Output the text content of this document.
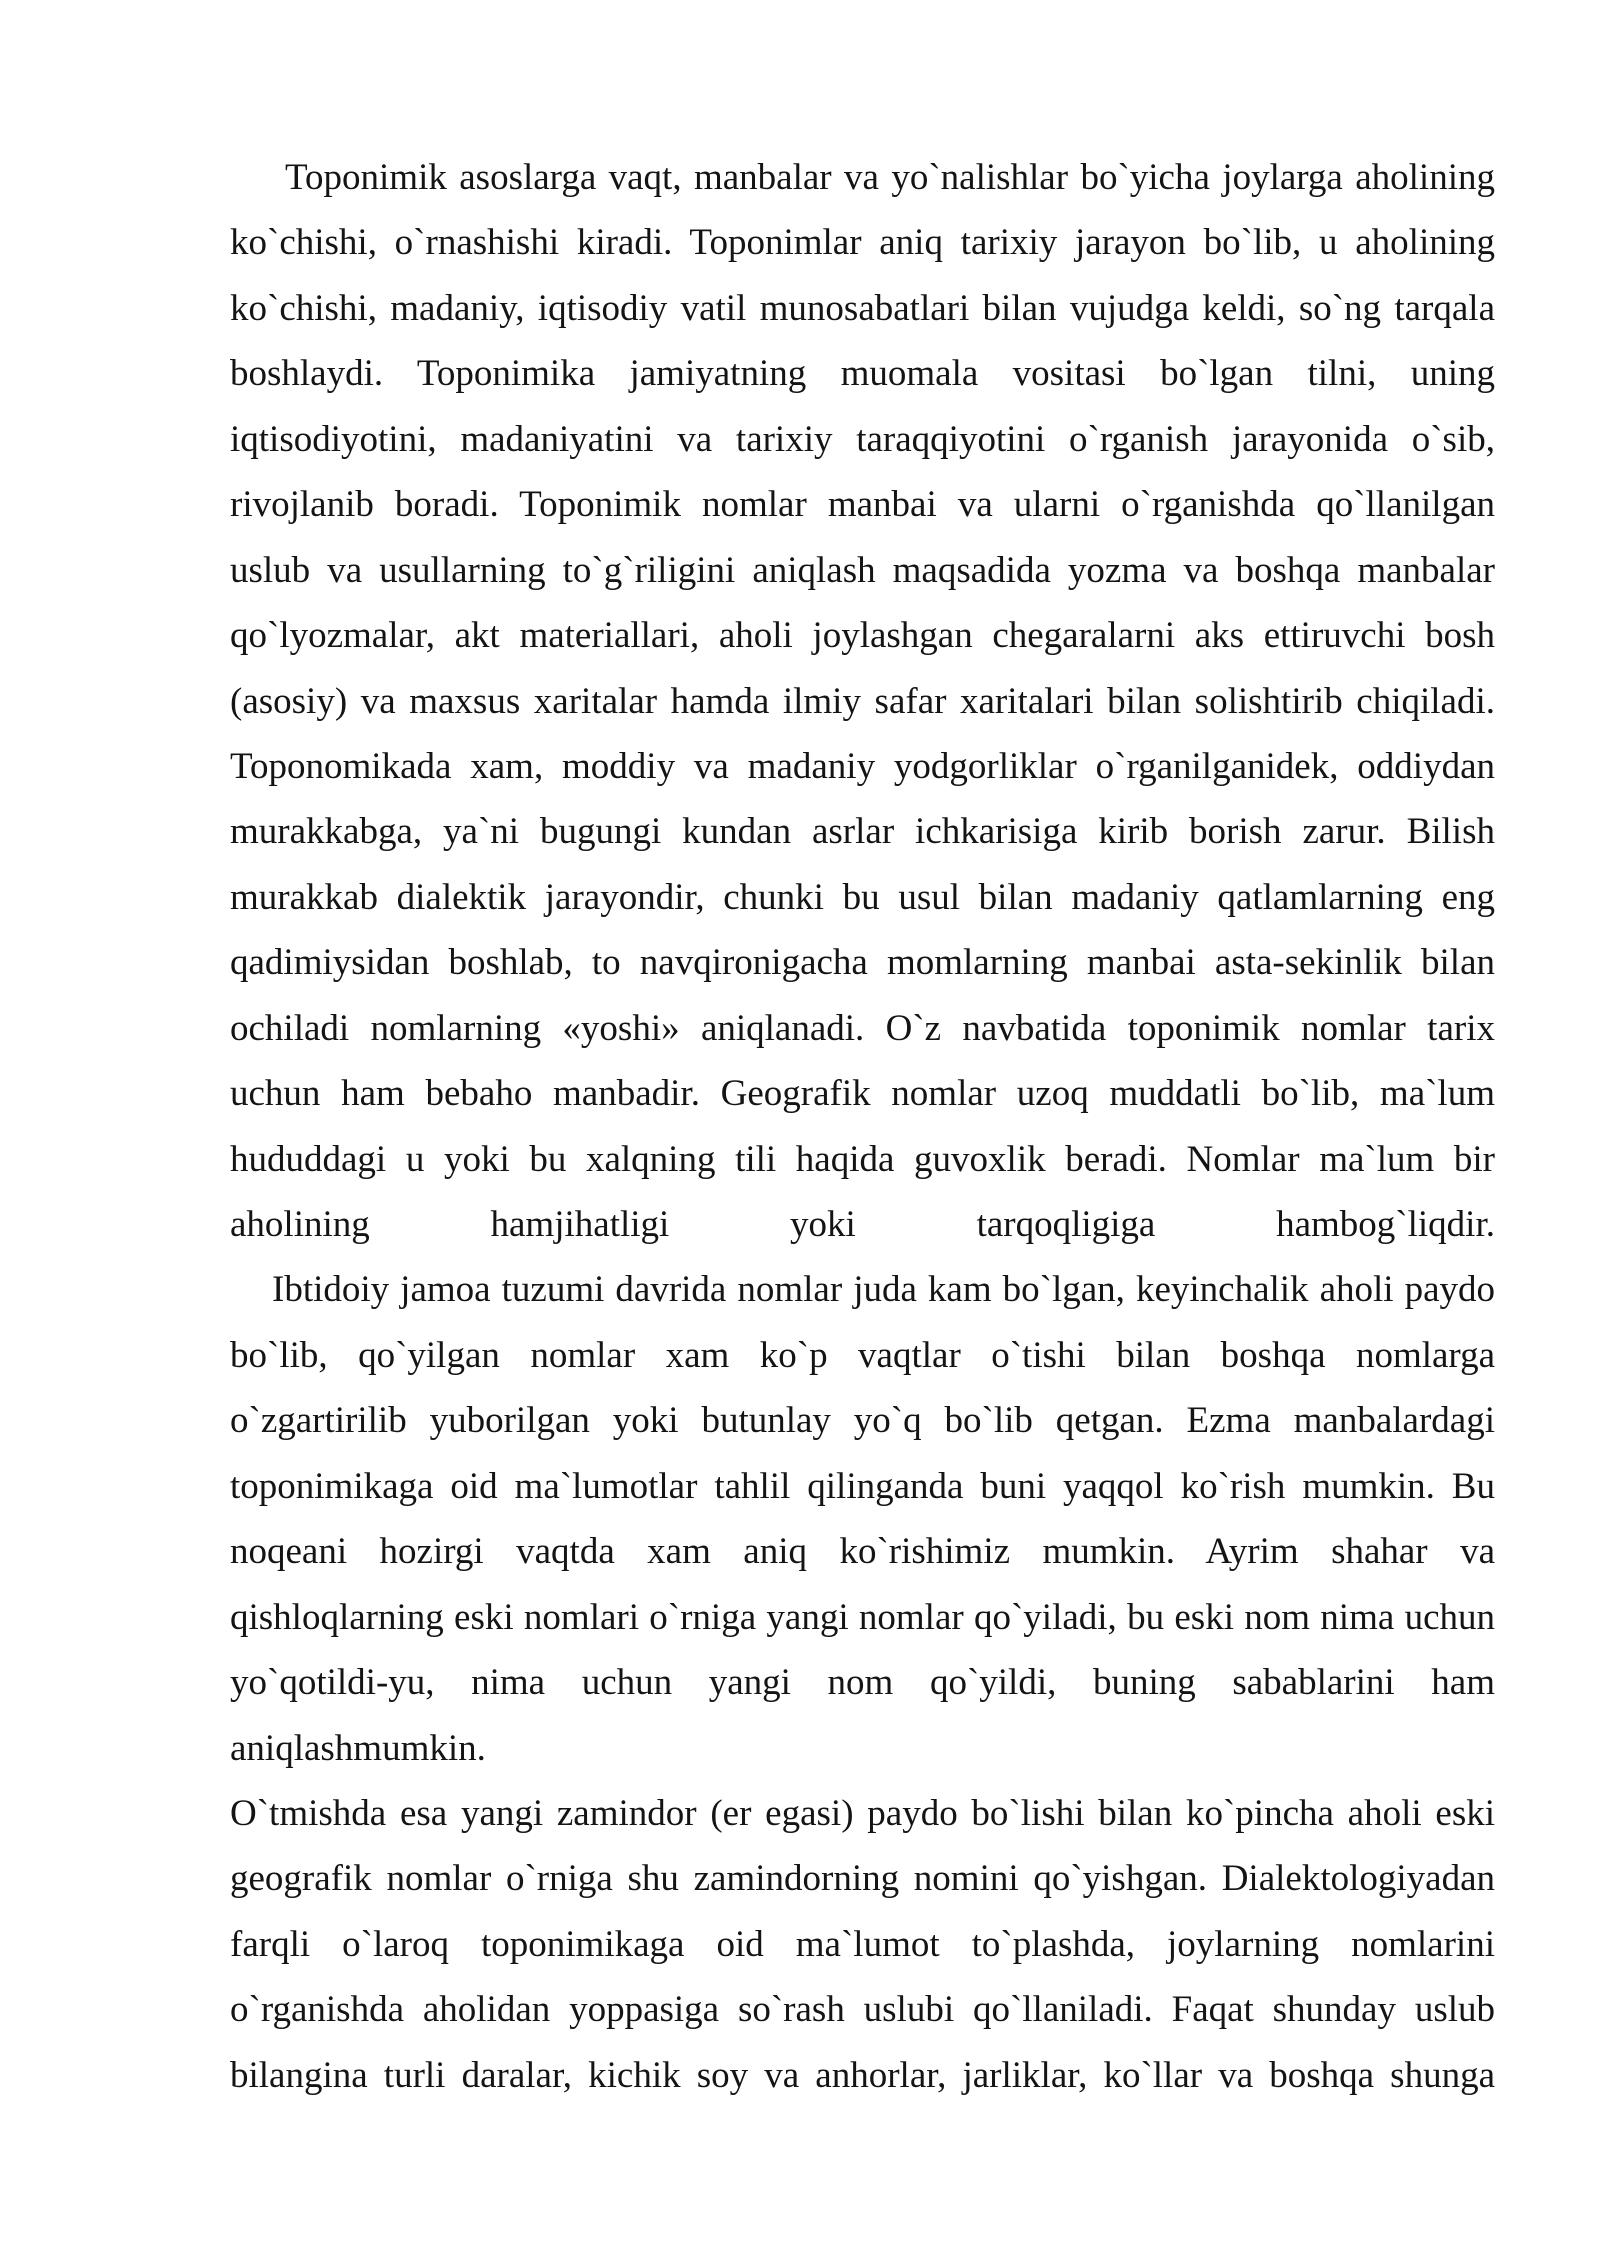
Toponimik asoslarga vaqt, manbalar va yo`nalishlar bo`yicha joylarga aholining
ko`chishi, o`rnashishi kiradi. Toponimlar aniq tarixiy jarayon bo`lib, u aholining
ko`chishi, madaniy, iqtisodiy vatil munosabatlari bilan vujudga keldi, so`ng tarqala
boshlaydi. Toponimika jamiyatning muomala vositasi bo`lgan tilni, uning
iqtisodiyotini, madaniyatini va tarixiy taraqqiyotini o`rganish jarayonida o`sib,
rivojlanib boradi. Toponimik nomlar manbai va ularni o`rganishda qo`llanilgan
uslub va usullarning to`g`riligini aniqlash maqsadida yozma va boshqa manbalar
qo`lyozmalar, akt materiallari, aholi joylashgan chegaralarni aks ettiruvchi bosh
(asosiy) va maxsus xaritalar hamda ilmiy safar xaritalari bilan solishtirib chiqiladi.
Toponomikada xam, moddiy va madaniy yodgorliklar o`rganilganidek, oddiydan
murakkabga, ya`ni bugungi kundan asrlar ichkarisiga kirib borish zarur. Bilish
murakkab dialektik jarayondir, chunki bu usul bilan madaniy qatlamlarning eng
qadimiysidan boshlab, to navqironigacha momlarning manbai asta-sekinlik bilan
ochiladi nomlarning «yoshi» aniqlanadi. O`z navbatida toponimik nomlar tarix
uchun ham bebaho manbadir. Geografik nomlar uzoq muddatli bo`lib, ma`lum
hududdagi u yoki bu xalqning tili haqida guvoxlik beradi. Nomlar ma`lum bir
aholining hamjihatligi yoki tarqoqligiga hambog`liqdir.
Ibtidoiy jamoa tuzumi davrida nomlar juda kam bo`lgan, keyinchalik aholi paydo
bo`lib, qo`yilgan nomlar xam ko`p vaqtlar o`tishi bilan boshqa nomlarga
o`zgartirilib yuborilgan yoki butunlay yo`q bo`lib qetgan. Ezma manbalardagi
toponimikaga oid ma`lumotlar tahlil qilinganda buni yaqqol ko`rish mumkin. Bu
noqeani hozirgi vaqtda xam aniq ko`rishimiz mumkin. Ayrim shahar va
qishloqlarning eski nomlari o`rniga yangi nomlar qo`yiladi, bu eski nom nima uchun
yo`qotildi-yu, nima uchun yangi nom qo`yildi, buning sabablarini ham
aniqlashmumkin.
O`tmishda esa yangi zamindor (er egasi) paydo bo`lishi bilan ko`pincha aholi eski
geografik nomlar o`rniga shu zamindorning nomini qo`yishgan. Dialektologiyadan
farqli o`laroq toponimikaga oid ma`lumot to`plashda, joylarning nomlarini
o`rganishda aholidan yoppasiga so`rash uslubi qo`llaniladi. Faqat shunday uslub
bilangina turli daralar, kichik soy va anhorlar, jarliklar, ko`llar va boshqa shunga
